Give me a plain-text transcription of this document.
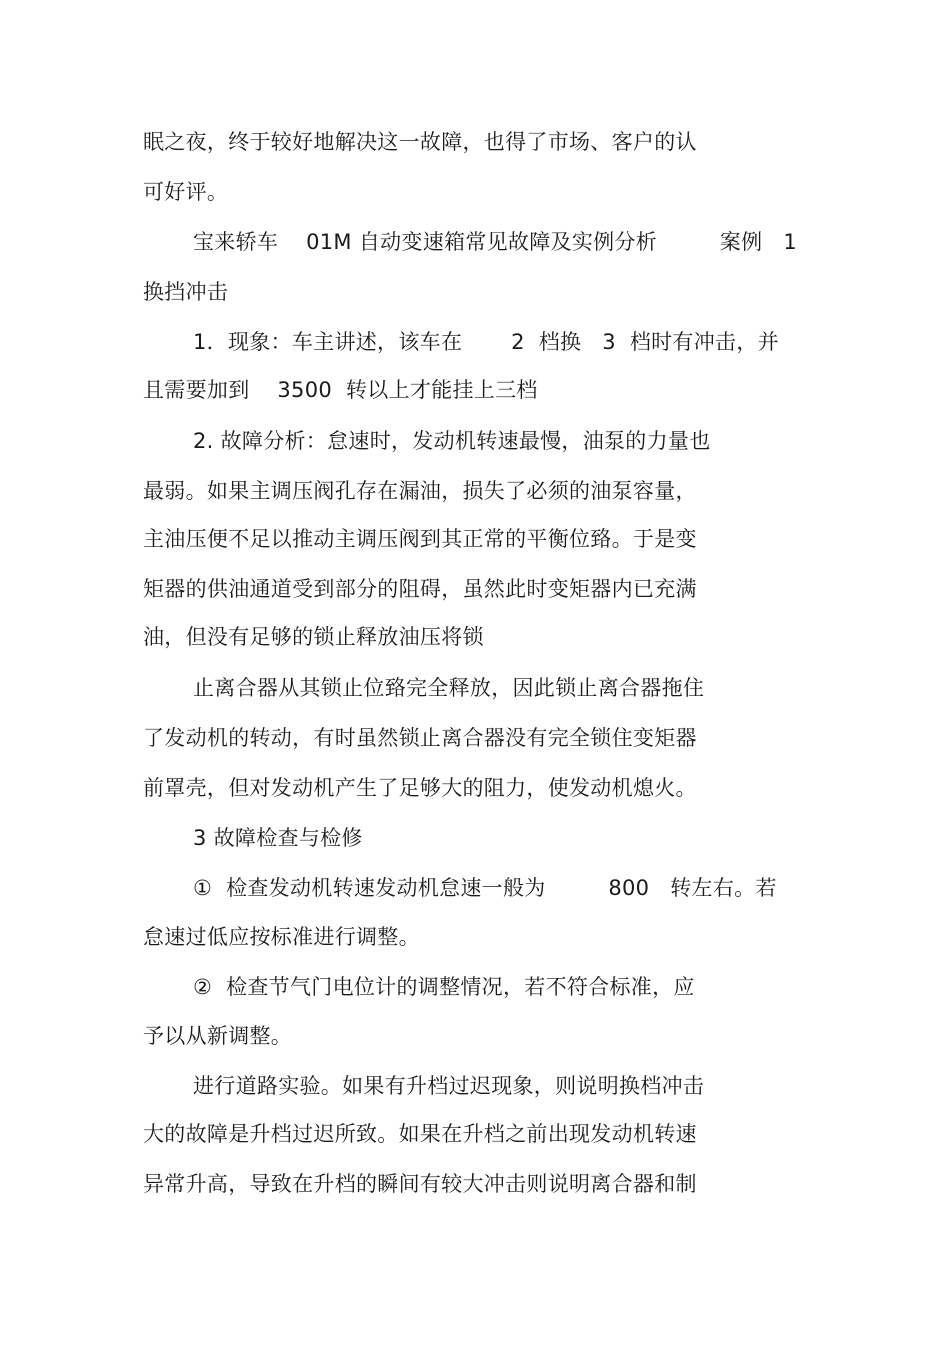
眠之夜，终于较好地解决这一故障，也得了市场、客户的认

可好评。

宝来轿车    01M 自动变速箱常见故障及实例分析         案例   1

换挡冲击

1．现象：车主讲述，该车在       2  档换   3  档时有冲击，并

且需要加到    3500  转以上才能挂上三档

2. 故障分析：怠速时，发动机转速最慢，油泵的力量也

最弱。如果主调压阀孔存在漏油，损失了必须的油泵容量，

主油压便不足以推动主调压阀到其正常的平衡位臵。于是变

矩器的供油通道受到部分的阻碍，虽然此时变矩器内已充满

油，但没有足够的锁止释放油压将锁

止离合器从其锁止位臵完全释放，因此锁止离合器拖住

了发动机的转动，有时虽然锁止离合器没有完全锁住变矩器

前罩壳，但对发动机产生了足够大的阻力，使发动机熄火。

3 故障检查与检修

①  检查发动机转速发动机怠速一般为         800   转左右。若

怠速过低应按标准进行调整。

②  检查节气门电位计的调整情况，若不符合标准，应

予以从新调整。

进行道路实验。如果有升档过迟现象，则说明换档冲击

大的故障是升档过迟所致。如果在升档之前出现发动机转速

异常升高，导致在升档的瞬间有较大冲击则说明离合器和制
